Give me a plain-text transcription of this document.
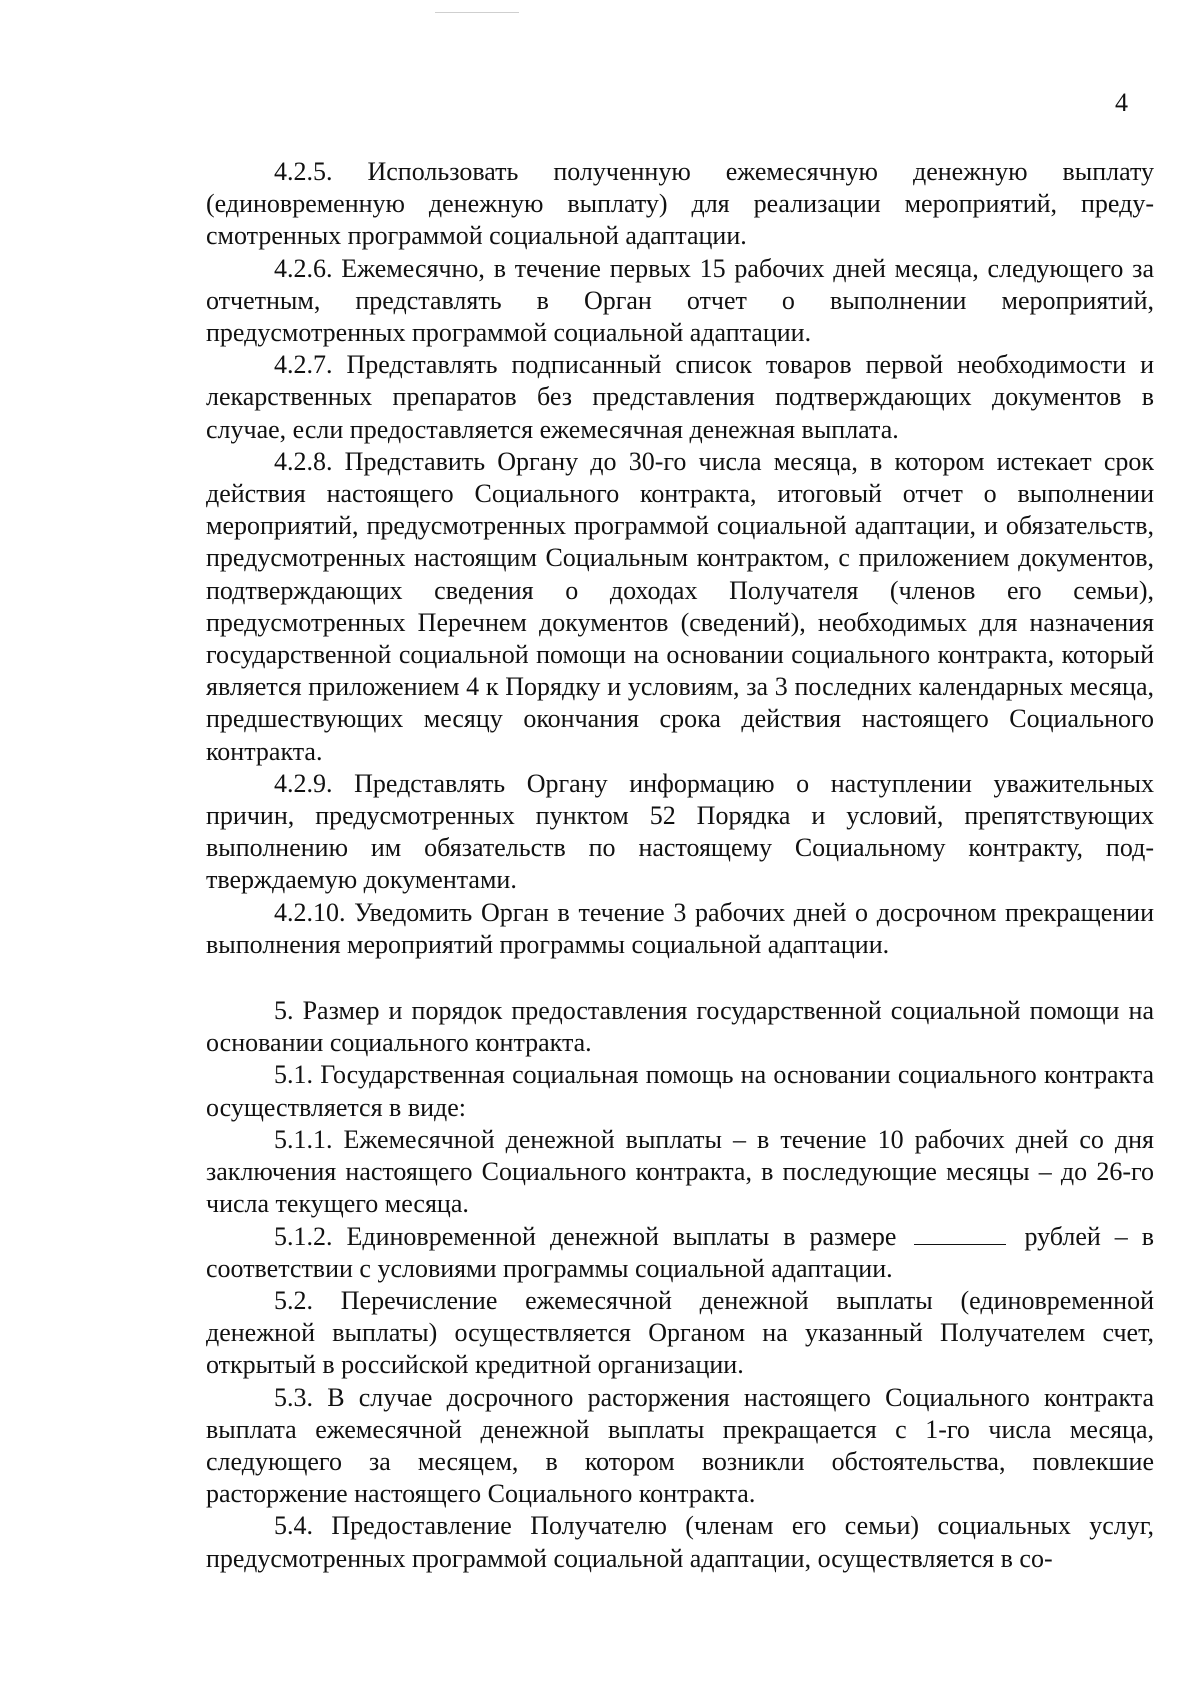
4

4.2.5. Использовать полученную ежемесячную денежную выплату (единовременную денежную выплату) для реализации мероприятий, предусмотренных программой социальной адаптации.

4.2.6. Ежемесячно, в течение первых 15 рабочих дней месяца, следующего за отчетным, представлять в Орган отчет о выполнении мероприятий, предусмотренных программой социальной адаптации.

4.2.7. Представлять подписанный список товаров первой необходимости и лекарственных препаратов без представления подтверждающих документов в случае, если предоставляется ежемесячная денежная выплата.

4.2.8. Представить Органу до 30-го числа месяца, в котором истекает срок действия настоящего Социального контракта, итоговый отчет о выполнении мероприятий, предусмотренных программой социальной адаптации, и обязательств, предусмотренных настоящим Социальным контрактом, с приложением документов, подтверждающих сведения о доходах Получателя (членов его семьи), предусмотренных Перечнем документов (сведений), необходимых для назначения государственной социальной помощи на основании социального контракта, который является приложением 4 к Порядку и условиям, за 3 последних календарных месяца, предшествующих месяцу окончания срока действия настоящего Социального контракта.

4.2.9. Представлять Органу информацию о наступлении уважительных причин, предусмотренных пунктом 52 Порядка и условий, препятствующих выполнению им обязательств по настоящему Социальному контракту, подтверждаемую документами.

4.2.10. Уведомить Орган в течение 3 рабочих дней о досрочном прекращении выполнения мероприятий программы социальной адаптации.

5. Размер и порядок предоставления государственной социальной помощи на основании социального контракта.

5.1. Государственная социальная помощь на основании социального контракта осуществляется в виде:

5.1.1. Ежемесячной денежной выплаты – в течение 10 рабочих дней со дня заключения настоящего Социального контракта, в последующие месяцы – до 26-го числа текущего месяца.

5.1.2. Единовременной денежной выплаты в размере	рублей – в соответствии с условиями программы социальной адаптации.

5.2. Перечисление ежемесячной денежной выплаты (единовременной денежной выплаты) осуществляется Органом на указанный Получателем счет, открытый в российской кредитной организации.

5.3. В случае досрочного расторжения настоящего Социального контракта выплата ежемесячной денежной выплаты прекращается с 1-го числа месяца, следующего за месяцем, в котором возникли обстоятельства, повлекшие расторжение настоящего Социального контракта.

5.4. Предоставление Получателю (членам его семьи) социальных услуг, предусмотренных программой социальной адаптации, осуществляется в со-
